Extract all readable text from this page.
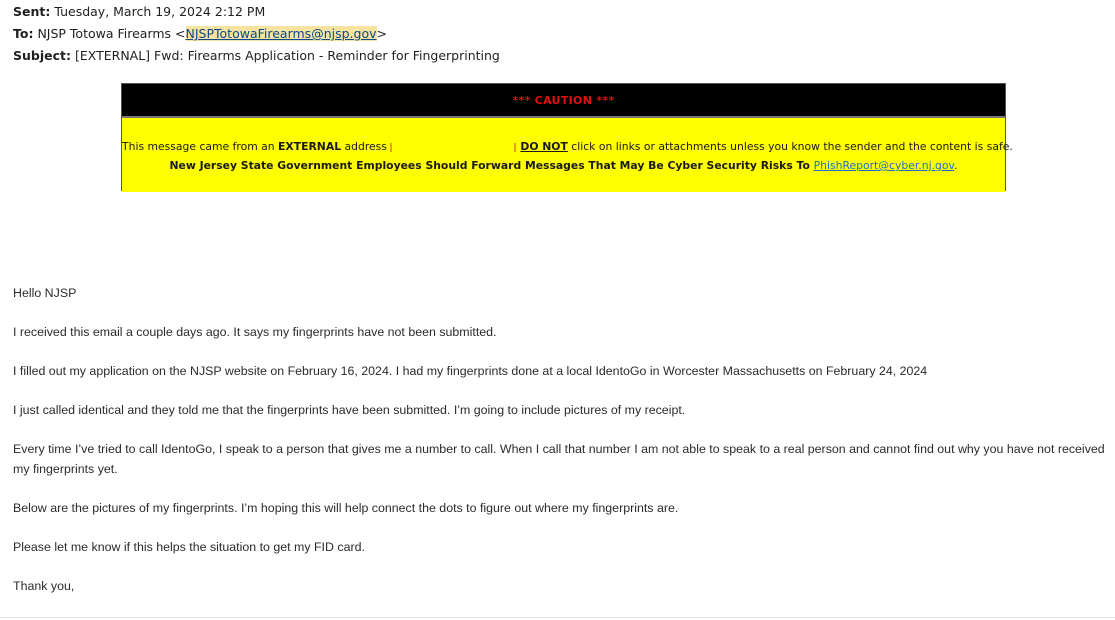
Sent: Tuesday, March 19, 2024 2:12 PM
To: NJSP Totowa Firearms <NJSPTotowaFirearms@njsp.gov>
Subject: [EXTERNAL] Fwd: Firearms Application - Reminder for Fingerprinting
*** CAUTION ***
This message came from an EXTERNAL address	DO NOT click on links or attachments unless you know the sender and the content is safe.
New Jersey State Government Employees Should Forward Messages That May Be Cyber Security Risks To PhishReport@cyber.nj.gov.

Hello NJSP

I received this email a couple days ago. It says my fingerprints have not been submitted.

I filled out my application on the NJSP website on February 16, 2024. I had my fingerprints done at a local IdentoGo in Worcester Massachusetts on February 24, 2024

I just called identical and they told me that the fingerprints have been submitted. I’m going to include pictures of my receipt.

Every time I’ve tried to call IdentoGo, I speak to a person that gives me a number to call. When I call that number I am not able to speak to a real person and cannot find out why you have not received my fingerprints yet.

Below are the pictures of my fingerprints. I’m hoping this will help connect the dots to figure out where my fingerprints are.

Please let me know if this helps the situation to get my FID card.

Thank you,
